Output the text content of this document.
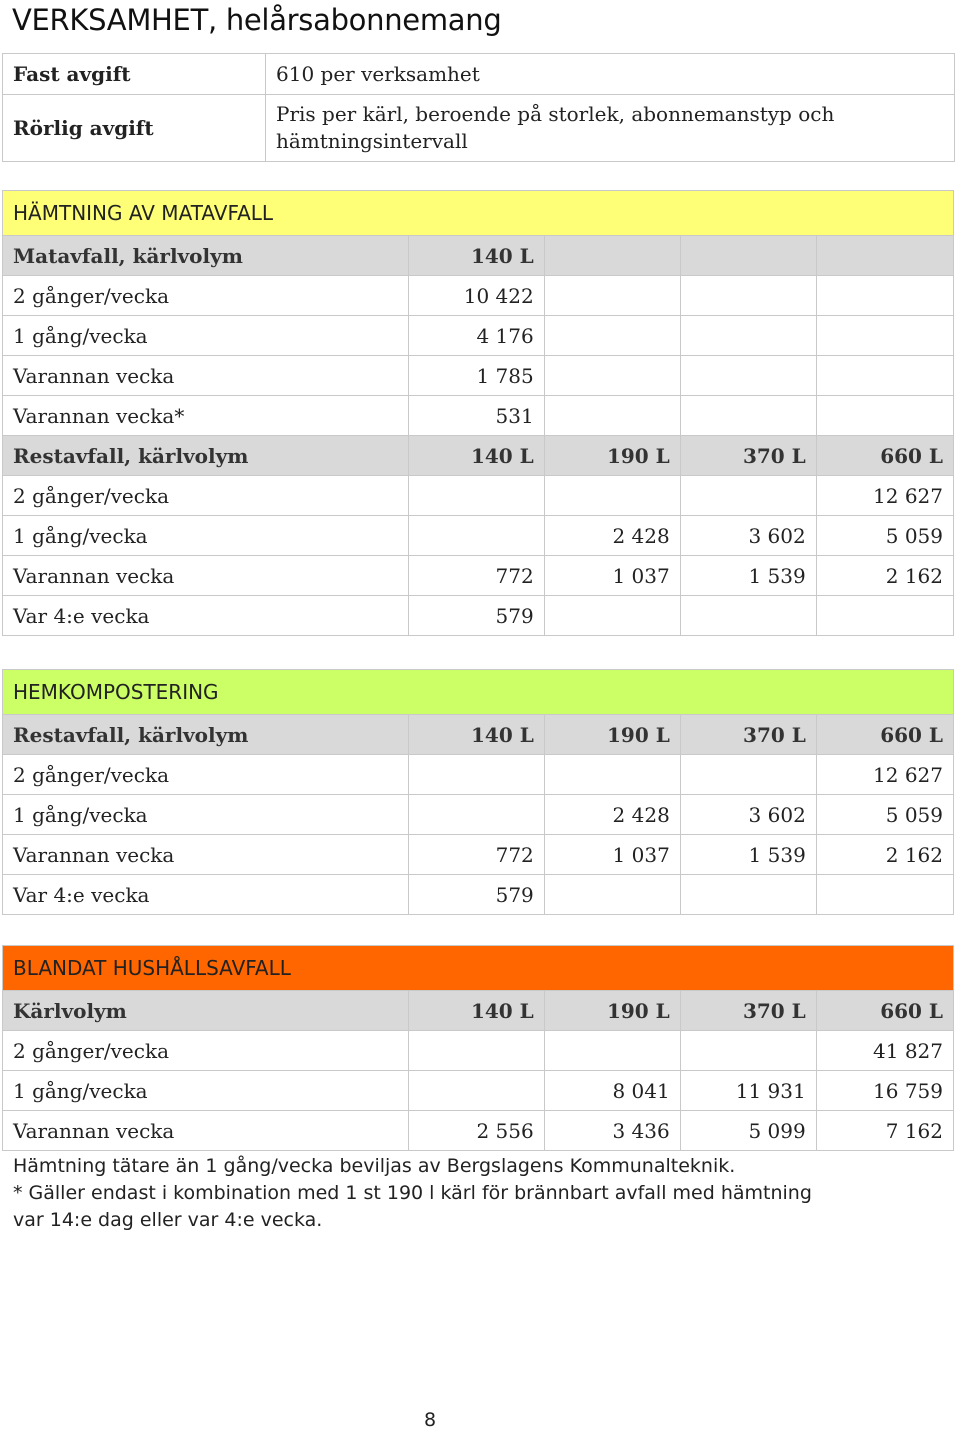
VERKSAMHET, helårsabonnemang
Fast avgift	610 per verksamhet
Rörlig avgift	Pris per kärl, beroende på storlek, abonnemanstyp och
hämtningsintervall
HÄMTNING AV MATAVFALL				
Matavfall, kärlvolym	140 L			
2 gånger/vecka	10 422			
1 gång/vecka	4 176			
Varannan vecka	1 785			
Varannan vecka*	531			
Restavfall, kärlvolym	140 L	190 L	370 L	660 L
2 gånger/vecka				12 627
1 gång/vecka		2 428	3 602	5 059
Varannan vecka	772	1 037	1 539	2 162
Var 4:e vecka	579			
HEMKOMPOSTERING				
Restavfall, kärlvolym	140 L	190 L	370 L	660 L
2 gånger/vecka				12 627
1 gång/vecka		2 428	3 602	5 059
Varannan vecka	772	1 037	1 539	2 162
Var 4:e vecka	579			
BLANDAT HUSHÅLLSAVFALL				
Kärlvolym	140 L	190 L	370 L	660 L
2 gånger/vecka				41 827
1 gång/vecka		8 041	11 931	16 759
Varannan vecka	2 556	3 436	5 099	7 162
Hämtning tätare än 1 gång/vecka beviljas av Bergslagens Kommunalteknik.
* Gäller endast i kombination med 1 st 190 l kärl för brännbart avfall med hämtning
var 14:e dag eller var 4:e vecka.
8
